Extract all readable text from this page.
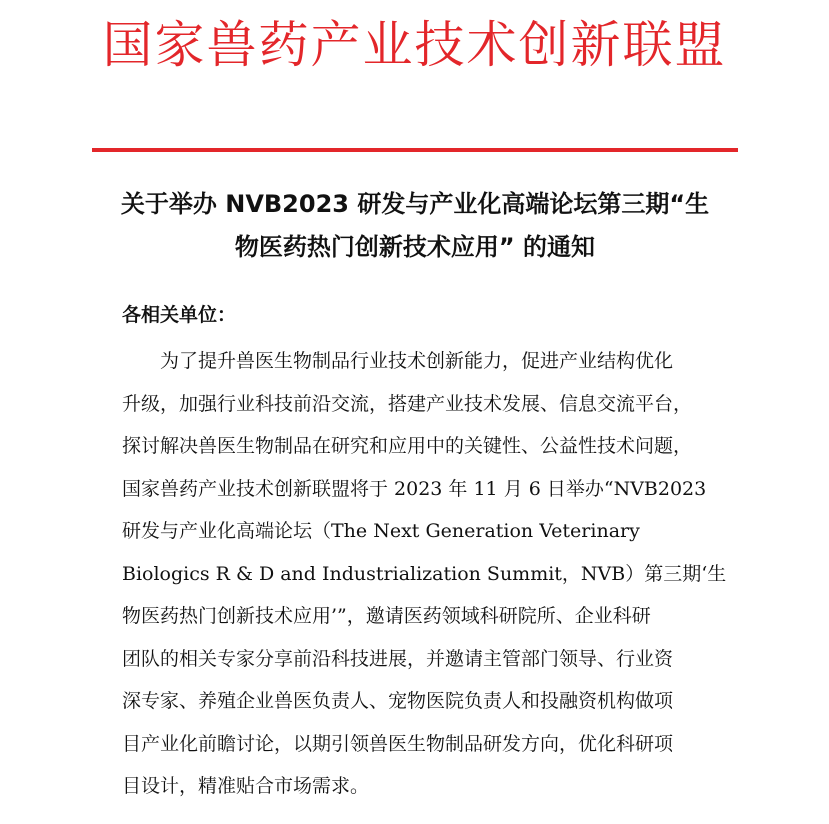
国家兽药产业技术创新联盟
关于举办 NVB2023 研发与产业化高端论坛第三期“生
物医药热门创新技术应用” 的通知
各相关单位：
为了提升兽医生物制品行业技术创新能力，促进产业结构优化
升级，加强行业科技前沿交流，搭建产业技术发展、信息交流平台，
探讨解决兽医生物制品在研究和应用中的关键性、公益性技术问题，
国家兽药产业技术创新联盟将于 2023 年 11 月 6 日举办“NVB2023
研发与产业化高端论坛（The Next Generation Veterinary
Biologics R & D and Industrialization Summit，NVB）第三期‘生
物医药热门创新技术应用’”，邀请医药领域科研院所、企业科研
团队的相关专家分享前沿科技进展，并邀请主管部门领导、行业资
深专家、养殖企业兽医负责人、宠物医院负责人和投融资机构做项
目产业化前瞻讨论，以期引领兽医生物制品研发方向，优化科研项
目设计，精准贴合市场需求。
